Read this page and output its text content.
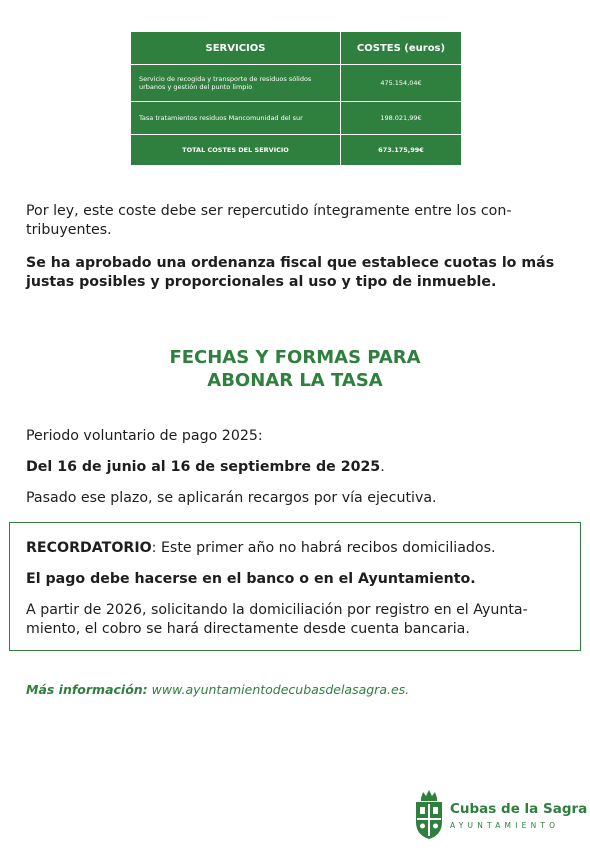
SERVICIOS	COSTES (euros)
Servicio de recogida y transporte de residuos sólidos urbanos y gestión del punto limpio	475.154,04€
Tasa tratamientos residuos Mancomunidad del sur	198.021,99€
TOTAL COSTES DEL SERVICIO	673.175,99€

Por ley, este coste debe ser repercutido íntegramente entre los con-tribuyentes.

Se ha aprobado una ordenanza fiscal que establece cuotas lo más justas posibles y proporcionales al uso y tipo de inmueble.

FECHAS Y FORMAS PARA
ABONAR LA TASA

Periodo voluntario de pago 2025:

Del 16 de junio al 16 de septiembre de 2025.

Pasado ese plazo, se aplicarán recargos por vía ejecutiva.

RECORDATORIO: Este primer año no habrá recibos domiciliados.

El pago debe hacerse en el banco o en el Ayuntamiento.

A partir de 2026, solicitando la domiciliación por registro en el Ayunta-miento, el cobro se hará directamente desde cuenta bancaria.

Más información: www.ayuntamientodecubasdelasagra.es.
Cubas de la Sagra
AYUNTAMIENTO
